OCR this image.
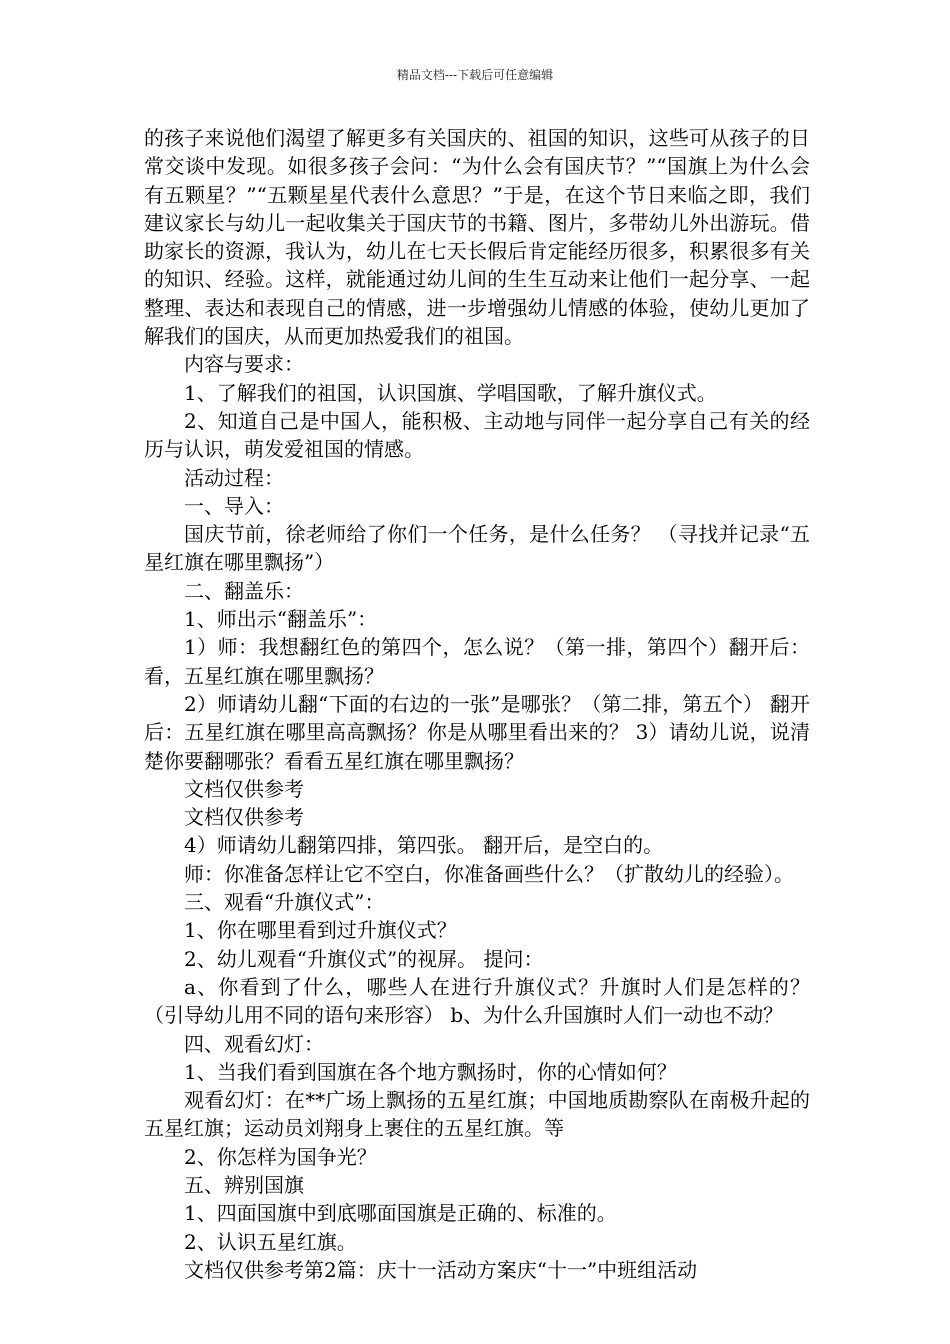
精品文档---下载后可任意编辑

的孩子来说他们渴望了解更多有关国庆的、祖国的知识，这些可从孩子的日常交谈中发现。如很多孩子会问：“为什么会有国庆节？”“国旗上为什么会有五颗星？”“五颗星星代表什么意思？”于是，在这个节日来临之即，我们建议家长与幼儿一起收集关于国庆节的书籍、图片，多带幼儿外出游玩。借助家长的资源，我认为，幼儿在七天长假后肯定能经历很多，积累很多有关的知识、经验。这样，就能通过幼儿间的生生互动来让他们一起分享、一起整理、表达和表现自己的情感，进一步增强幼儿情感的体验，使幼儿更加了解我们的国庆，从而更加热爱我们的祖国。

内容与要求：

1、了解我们的祖国，认识国旗、学唱国歌，了解升旗仪式。

2、知道自己是中国人，能积极、主动地与同伴一起分享自己有关的经历与认识，萌发爱祖国的情感。

活动过程：

一、导入：

国庆节前，徐老师给了你们一个任务，是什么任务？ （寻找并记录“五星红旗在哪里飘扬”）

二、翻盖乐：

1、师出示“翻盖乐”：

1）师：我想翻红色的第四个，怎么说？（第一排，第四个）翻开后：看，五星红旗在哪里飘扬？

2）师请幼儿翻“下面的右边的一张”是哪张？（第二排，第五个） 翻开后：五星红旗在哪里高高飘扬？你是从哪里看出来的？ 3）请幼儿说，说清楚你要翻哪张？看看五星红旗在哪里飘扬？

文档仅供参考

文档仅供参考

4）师请幼儿翻第四排，第四张。 翻开后，是空白的。

师：你准备怎样让它不空白，你准备画些什么？（扩散幼儿的经验）。

三、观看“升旗仪式”：

1、你在哪里看到过升旗仪式？

2、幼儿观看“升旗仪式”的视屏。 提问：

a、你看到了什么，哪些人在进行升旗仪式？升旗时人们是怎样的？（引导幼儿用不同的语句来形容） b、为什么升国旗时人们一动也不动？

四、观看幻灯：

1、当我们看到国旗在各个地方飘扬时，你的心情如何？

观看幻灯：在**广场上飘扬的五星红旗；中国地质勘察队在南极升起的五星红旗；运动员刘翔身上裹住的五星红旗。等

2、你怎样为国争光？

五、辨别国旗

1、四面国旗中到底哪面国旗是正确的、标准的。

2、认识五星红旗。

文档仅供参考第2篇：庆十一活动方案庆“十一”中班组活动
